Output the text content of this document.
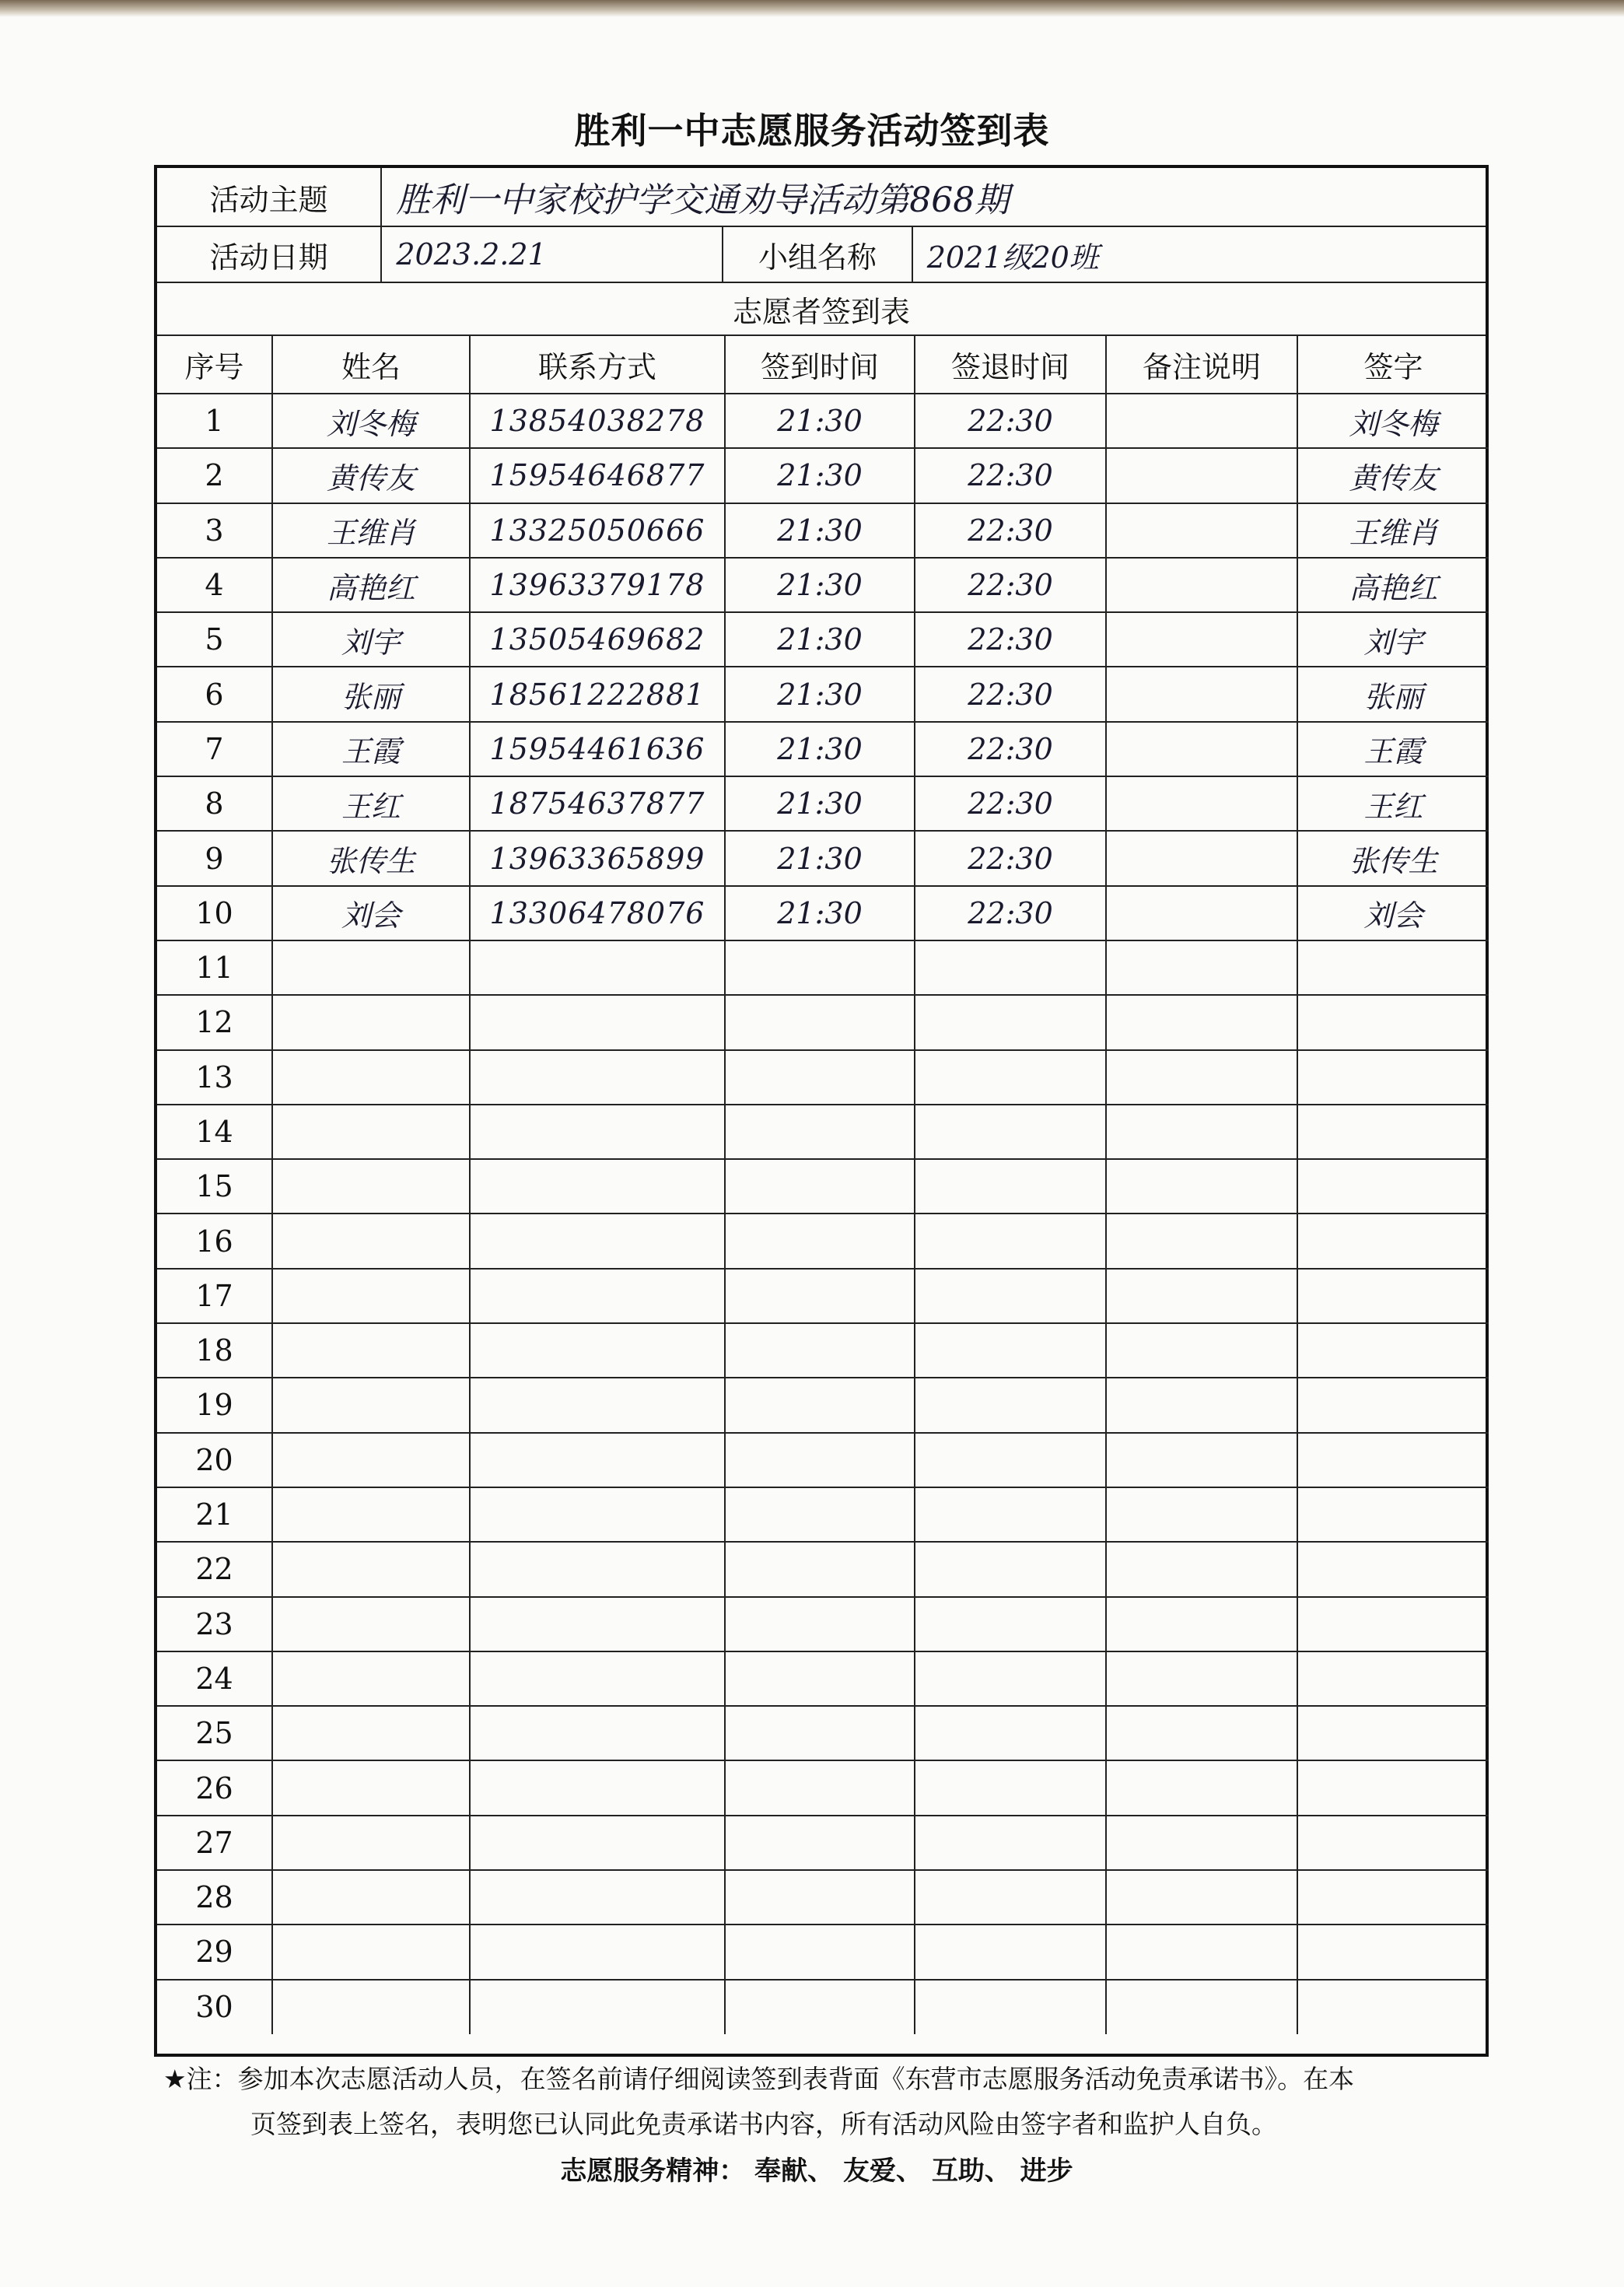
胜利一中志愿服务活动签到表
活动主题	胜利一中家校护学交通劝导活动第868期
活动日期	2023.2.21	小组名称	2021级20班
志愿者签到表
序号	姓名	联系方式	签到时间	签退时间	备注说明	签字
1	刘冬梅	13854038278	21:30	22:30		刘冬梅
2	黄传友	15954646877	21:30	22:30		黄传友
3	王维肖	13325050666	21:30	22:30		王维肖
4	高艳红	13963379178	21:30	22:30		高艳红
5	刘宇	13505469682	21:30	22:30		刘宇
6	张丽	18561222881	21:30	22:30		张丽
7	王霞	15954461636	21:30	22:30		王霞
8	王红	18754637877	21:30	22:30		王红
9	张传生	13963365899	21:30	22:30		张传生
10	刘会	13306478076	21:30	22:30		刘会
11						
12						
13						
14						
15						
16						
17						
18						
19						
20						
21						
22						
23						
24						
25						
26						
27						
28						
29						
30						
★注：参加本次志愿活动人员，在签名前请仔细阅读签到表背面《东营市志愿服务活动免责承诺书》。在本
页签到表上签名，表明您已认同此免责承诺书内容，所有活动风险由签字者和监护人自负。
志愿服务精神： 奉献、 友爱、 互助、 进步
